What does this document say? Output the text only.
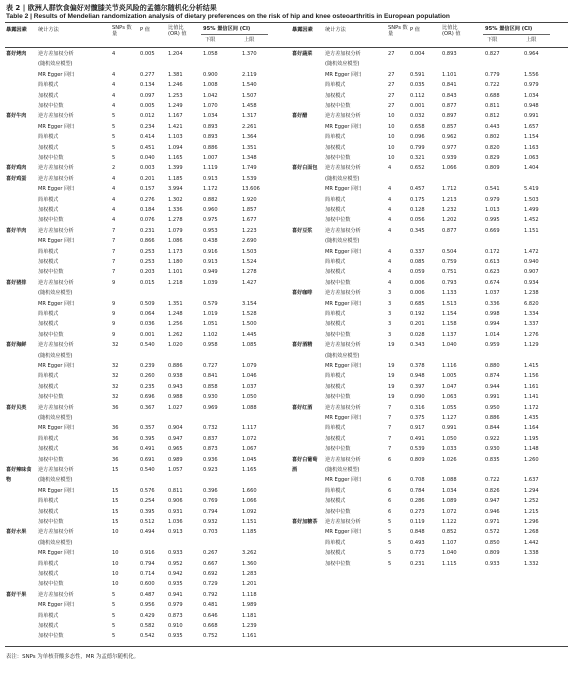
表 2 | 欧洲人群饮食偏好对髋膝关节炎风险的孟德尔随机化分析结果
Table 2 | Results of Mendelian randomization analysis of dietary preferences on the risk of hip and knee osteoarthritis in European population
暴露因素 统计方法	SNPs 数量
P 值	比值比 (OR) 值
95% 置信区间 (CI)
下限	上限
喜好烤肉 逆方差加权分析	4	0.005	1.204	1.058	1.370
(随机效应模型)
MR Egger 回归	4	0.277	1.381	0.900	2.119
简单模式	4	0.134	1.246	1.008	1.540
加权模式	4	0.097	1.253	1.042	1.507
加权中位数	4	0.005	1.249	1.070	1.458
喜好牛肉 逆方差加权分析	5	0.012	1.167	1.034	1.317
MR Egger 回归	5	0.234	1.421	0.893	2.261
简单模式	5	0.414	1.103	0.893	1.364
加权模式	5	0.451	1.094	0.886	1.351
加权中位数	5	0.040	1.165	1.007	1.348
喜好鸡肉 逆方差加权分析	2	0.003	1.399	1.119	1.749
喜好鸡蛋 逆方差加权分析	4	0.201	1.185	0.913	1.539
MR Egger 回归	4	0.157	3.994	1.172	13.606
简单模式	4	0.276	1.302	0.882	1.920
加权模式	4	0.184	1.336	0.960	1.857
加权中位数	4	0.076	1.278	0.975	1.677
喜好羊肉 逆方差加权分析	7	0.231	1.079	0.953	1.223
MR Egger 回归	7	0.866	1.086	0.438	2.690
简单模式	7	0.253	1.173	0.916	1.503
加权模式	7	0.253	1.180	0.913	1.524
加权中位数	7	0.203	1.101	0.949	1.278
喜好猪排 逆方差加权分析	9	0.015	1.218	1.039	1.427
(随机效应模型)
MR Egger 回归	9	0.509	1.351	0.579	3.154
简单模式	9	0.064	1.248	1.019	1.528
加权模式	9	0.036	1.256	1.051	1.500
加权中位数	9	0.001	1.262	1.102	1.445
喜好海鲜 逆方差加权分析	32	0.540	1.020	0.958	1.085
(随机效应模型)
MR Egger 回归	32	0.239	0.886	0.727	1.079
简单模式	32	0.260	0.938	0.841	1.046
加权模式	32	0.235	0.943	0.858	1.037
加权中位数	32	0.696	0.988	0.930	1.050
喜好贝类 逆方差加权分析	36	0.367	1.027	0.969	1.088
(随机效应模型)
MR Egger 回归	36	0.357	0.904	0.732	1.117
简单模式	36	0.395	0.947	0.837	1.072
加权模式	36	0.491	0.965	0.873	1.067
加权中位数	36	0.691	0.989	0.936	1.045
喜好辣味食 逆方差加权分析	15	0.540	1.057	0.923	1.165
物	(随机效应模型)
MR Egger 回归	15	0.576	0.811	0.396	1.660
简单模式	15	0.254	0.906	0.769	1.066
加权模式	15	0.395	0.931	0.794	1.092
加权中位数	15	0.512	1.036	0.932	1.151
喜好水果 逆方差加权分析	10	0.494	0.913	0.703	1.185
(随机效应模型)
MR Egger 回归	10	0.916	0.933	0.267	3.262
简单模式	10	0.794	0.952	0.667	1.360
加权模式	10	0.714	0.942	0.692	1.283
加权中位数	10	0.600	0.935	0.729	1.201
喜好干果 逆方差加权分析	5	0.487	0.941	0.792	1.118
MR Egger 回归	5	0.956	0.979	0.481	1.989
简单模式	5	0.429	0.873	0.646	1.181
加权模式	5	0.582	0.910	0.668	1.239
加权中位数	5	0.542	0.935	0.752	1.161
暴露因素 统计方法	SNPs 数量
P 值	比值比 (OR) 值
95% 置信区间 (CI)
下限	上限
喜好蔬菜 逆方差加权分析	27	0.004	0.893	0.827	0.964
(随机效应模型)
MR Egger 回归	27	0.591	1.101	0.779	1.556
简单模式	27	0.035	0.841	0.722	0.979
加权模式	27	0.112	0.843	0.688	1.034
加权中位数	27	0.001	0.877	0.811	0.948
喜好醋	逆方差加权分析	10	0.032	0.897	0.812	0.991
MR Egger 回归	10	0.658	0.857	0.443	1.657
简单模式	10	0.096	0.962	0.802	1.154
加权模式	10	0.799	0.977	0.820	1.163
加权中位数	10	0.321	0.939	0.829	1.063
喜好白面包 逆方差加权分析	4	0.652	1.066	0.809	1.404
(随机效应模型)
MR Egger 回归	4	0.457	1.712	0.541	5.419
简单模式	4	0.175	1.213	0.979	1.503
加权模式	4	0.128	1.232	1.013	1.499
加权中位数	4	0.056	1.202	0.995	1.452
喜好豆浆 逆方差加权分析	4	0.345	0.877	0.669	1.151
(随机效应模型)
MR Egger 回归	4	0.337	0.504	0.172	1.472
简单模式	4	0.085	0.759	0.613	0.940
加权模式	4	0.059	0.751	0.623	0.907
加权中位数	4	0.006	0.793	0.674	0.934
喜好咖啡 逆方差加权分析	3	0.006	1.133	1.037	1.238
MR Egger 回归	3	0.685	1.513	0.336	6.820
简单模式	3	0.192	1.154	0.998	1.334
加权模式	3	0.201	1.158	0.994	1.337
加权中位数	3	0.028	1.137	1.014	1.276
喜好酒精 逆方差加权分析	19	0.343	1.040	0.959	1.129
(随机效应模型)
MR Egger 回归	19	0.378	1.116	0.880	1.415
简单模式	19	0.948	1.005	0.874	1.156
加权模式	19	0.397	1.047	0.944	1.161
加权中位数	19	0.090	1.063	0.991	1.141
喜好红酒 逆方差加权分析	7	0.316	1.055	0.950	1.172
MR Egger 回归	7	0.375	1.127	0.886	1.435
简单模式	7	0.917	0.991	0.844	1.164
加权模式	7	0.491	1.050	0.922	1.195
加权中位数	7	0.539	1.033	0.930	1.148
喜好白葡萄 逆方差加权分析	6	0.809	1.026	0.835	1.260
酒	(随机效应模型)
MR Egger 回归	6	0.708	1.088	0.722	1.637
简单模式	6	0.784	1.034	0.826	1.294
加权模式	6	0.286	1.089	0.947	1.252
加权中位数	6	0.273	1.072	0.946	1.215
喜好加糖茶 逆方差加权分析	5	0.119	1.122	0.971	1.296
MR Egger 回归	5	0.848	0.852	0.572	1.268
简单模式	5	0.493	1.107	0.850	1.442
加权模式	5	0.773	1.040	0.809	1.338
加权中位数	5	0.231	1.115	0.933	1.332
表注：SNPs 为单核苷酸多态性，MR 为孟德尔随机化。
